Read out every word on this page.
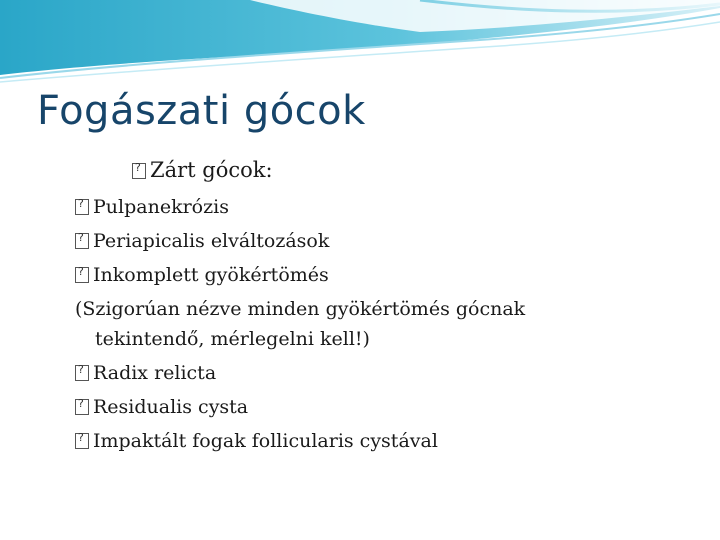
Fogászati gócok
?Zárt gócok:
?Pulpanekrózis
?Periapicalis elváltozások
?Inkomplett gyökértömés
(Szigorúan nézve minden gyökértömés gócnak
tekintendő, mérlegelni kell!)
?Radix relicta
?Residualis cysta
?Impaktált fogak follicularis cystával
